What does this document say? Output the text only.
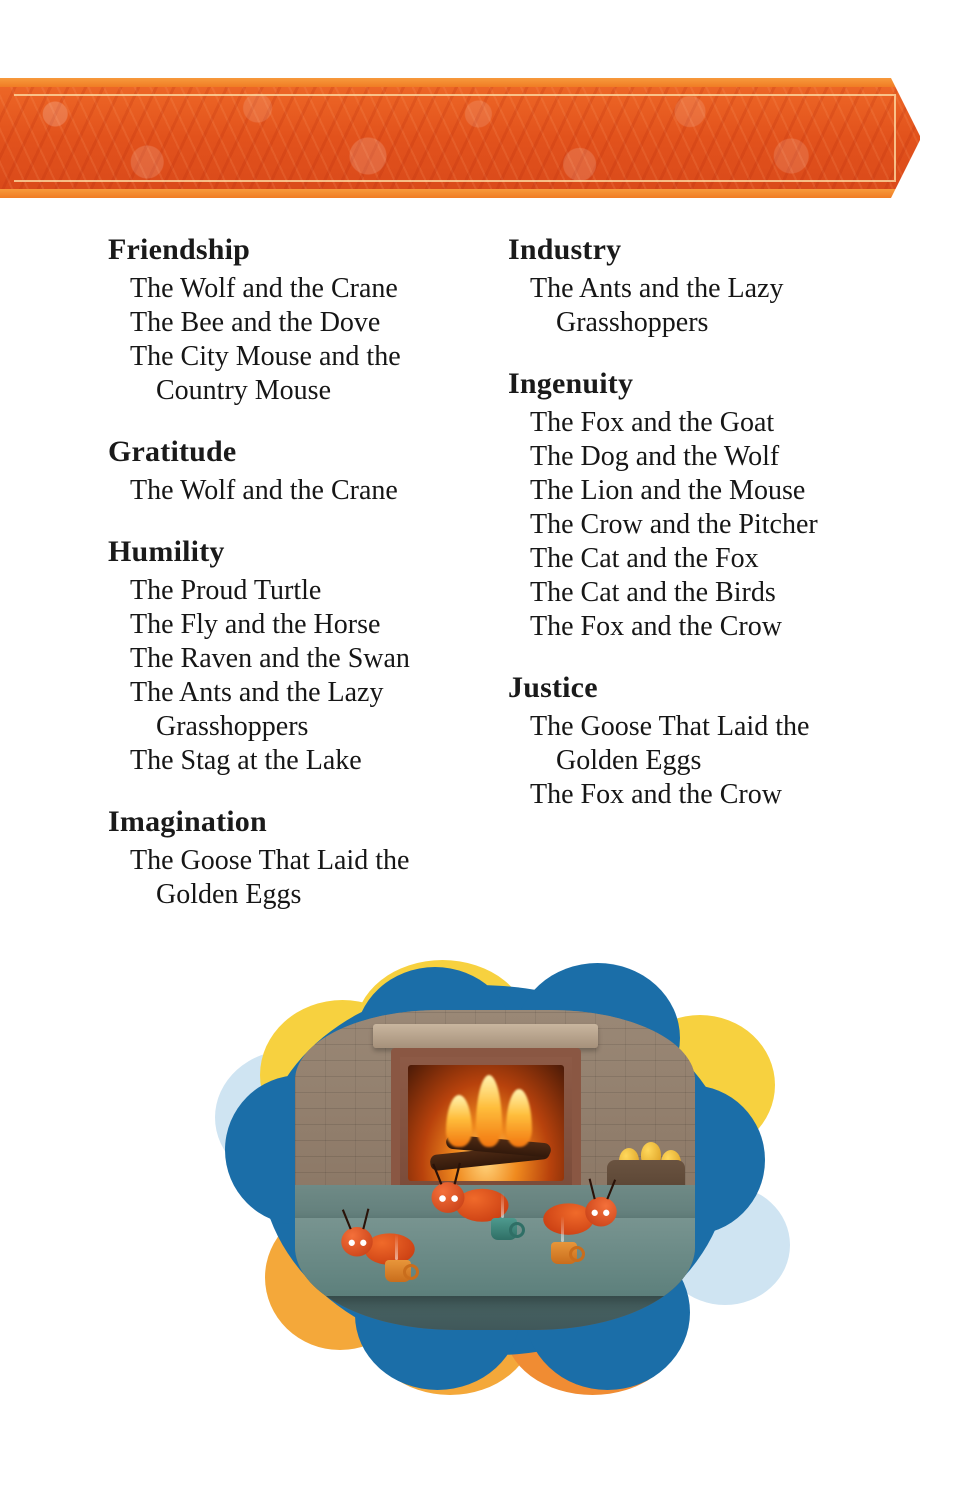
Friendship

The Wolf and the Crane

The Bee and the Dove

The City Mouse and the Country Mouse

Gratitude

The Wolf and the Crane

Humility

The Proud Turtle

The Fly and the Horse

The Raven and the Swan

The Ants and the Lazy Grasshoppers

The Stag at the Lake

Imagination

The Goose That Laid the Golden Eggs

Industry

The Ants and the Lazy Grasshoppers

Ingenuity

The Fox and the Goat

The Dog and the Wolf

The Lion and the Mouse

The Crow and the Pitcher

The Cat and the Fox

The Cat and the Birds

The Fox and the Crow

Justice

The Goose That Laid the Golden Eggs

The Fox and the Crow
